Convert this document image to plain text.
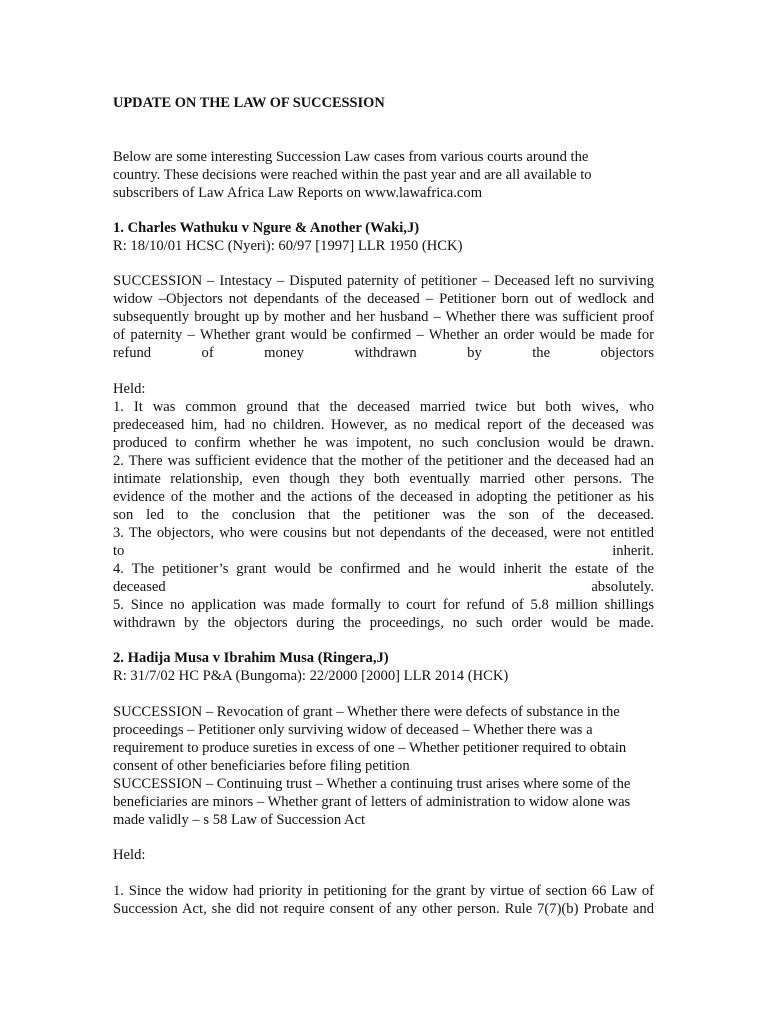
UPDATE ON THE LAW OF SUCCESSION
Below are some interesting Succession Law cases from various courts around the
country. These decisions were reached within the past year and are all available to
subscribers of Law Africa Law Reports on www.lawafrica.com
1. Charles Wathuku v Ngure & Another (Waki,J)
R: 18/10/01 HCSC (Nyeri): 60/97 [1997] LLR 1950 (HCK)
SUCCESSION – Intestacy – Disputed paternity of petitioner – Deceased left no surviving
widow –Objectors not dependants of the deceased – Petitioner born out of wedlock and
subsequently brought up by mother and her husband – Whether there was sufficient proof
of paternity – Whether grant would be confirmed – Whether an order would be made for
refund of money withdrawn by the objectors
Held:
1. It was common ground that the deceased married twice but both wives, who
predeceased him, had no children. However, as no medical report of the deceased was
produced to confirm whether he was impotent, no such conclusion would be drawn.
2. There was sufficient evidence that the mother of the petitioner and the deceased had an
intimate relationship, even though they both eventually married other persons. The
evidence of the mother and the actions of the deceased in adopting the petitioner as his
son led to the conclusion that the petitioner was the son of the deceased.
3. The objectors, who were cousins but not dependants of the deceased, were not entitled
to	inherit.
4. The petitioner’s grant would be confirmed and he would inherit the estate of the
deceased	absolutely.
5. Since no application was made formally to court for refund of 5.8 million shillings
withdrawn by the objectors during the proceedings, no such order would be made.
2. Hadija Musa v Ibrahim Musa (Ringera,J)
R: 31/7/02 HC P&A (Bungoma): 22/2000 [2000] LLR 2014 (HCK)
SUCCESSION – Revocation of grant – Whether there were defects of substance in the
proceedings – Petitioner only surviving widow of deceased – Whether there was a
requirement to produce sureties in excess of one – Whether petitioner required to obtain
consent of other beneficiaries before filing petition
SUCCESSION – Continuing trust – Whether a continuing trust arises where some of the
beneficiaries are minors – Whether grant of letters of administration to widow alone was
made validly – s 58 Law of Succession Act
Held:
1. Since the widow had priority in petitioning for the grant by virtue of section 66 Law of
Succession Act, she did not require consent of any other person. Rule 7(7)(b) Probate and
